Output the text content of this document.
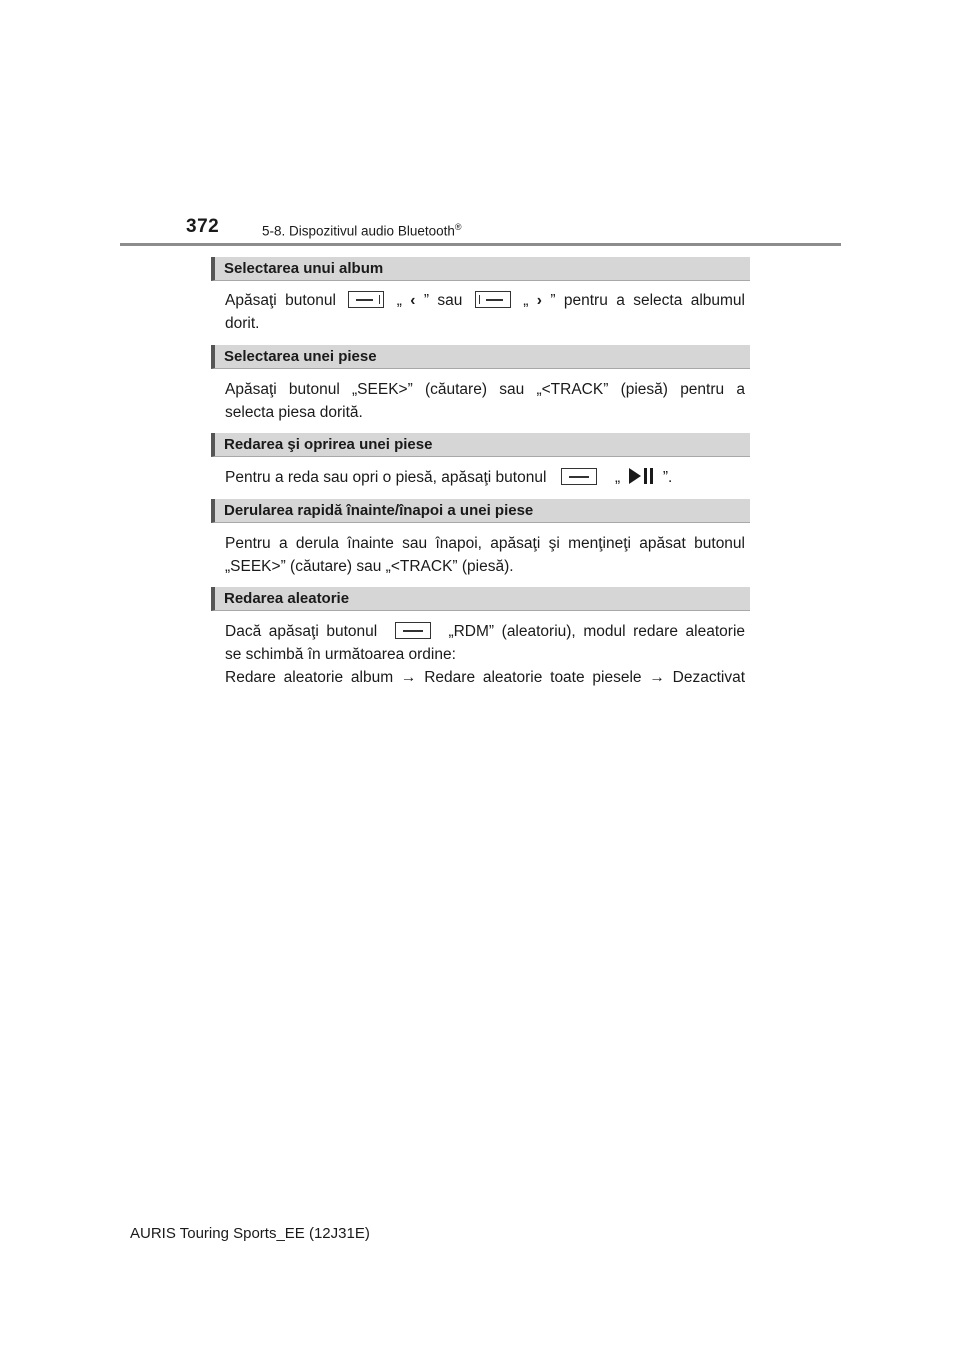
372	5-8. Dispozitivul audio Bluetooth®
Selectarea unui album
Apăsaţi butonul	„ ‹ ” sau	„ › ” pentru a selecta albumul
dorit.
Selectarea unei piese
Apăsaţi butonul „SEEK>” (căutare) sau „<TRACK” (piesă) pentru a
selecta piesa dorită.
Redarea şi oprirea unei piese
Pentru a reda sau opri o piesă, apăsaţi butonul	„	”.
Derularea rapidă înainte/înapoi a unei piese
Pentru a derula înainte sau înapoi, apăsaţi şi menţineţi apăsat butonul
„SEEK>” (căutare) sau „<TRACK” (piesă).
Redarea aleatorie
Dacă apăsaţi butonul	„RDM” (aleatoriu), modul redare aleatorie
se schimbă în următoarea ordine:
Redare aleatorie album → Redare aleatorie toate piesele → Dezactivat
AURIS Touring Sports_EE (12J31E)
